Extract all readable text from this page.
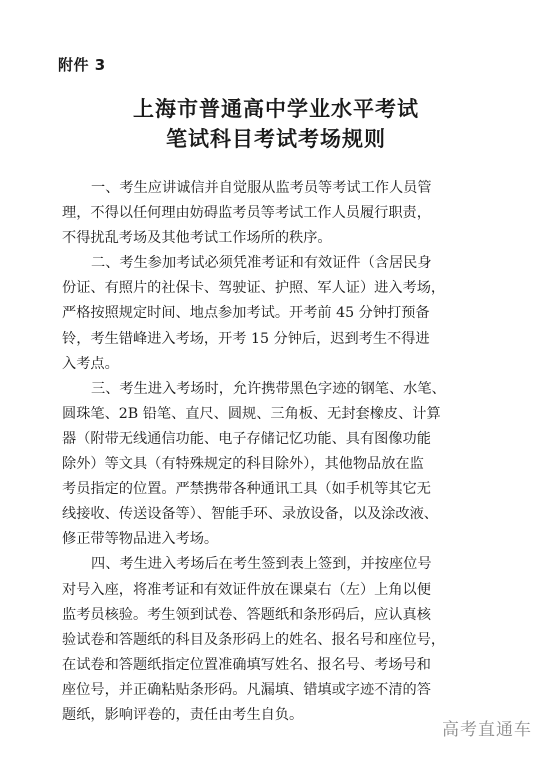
附件 3
上海市普通高中学业水平考试
笔试科目考试考场规则

一、考生应讲诚信并自觉服从监考员等考试工作人员管
理，不得以任何理由妨碍监考员等考试工作人员履行职责，
不得扰乱考场及其他考试工作场所的秩序。

二、考生参加考试必须凭准考证和有效证件（含居民身
份证、有照片的社保卡、驾驶证、护照、军人证）进入考场，
严格按照规定时间、地点参加考试。开考前 45 分钟打预备
铃，考生错峰进入考场，开考 15 分钟后，迟到考生不得进
入考点。

三、考生进入考场时，允许携带黑色字迹的钢笔、水笔、
圆珠笔、2B 铅笔、直尺、圆规、三角板、无封套橡皮、计算
器（附带无线通信功能、电子存储记忆功能、具有图像功能
除外）等文具（有特殊规定的科目除外），其他物品放在监
考员指定的位置。严禁携带各种通讯工具（如手机等其它无
线接收、传送设备等）、智能手环、录放设备，以及涂改液、
修正带等物品进入考场。

四、考生进入考场后在考生签到表上签到，并按座位号
对号入座，将准考证和有效证件放在课桌右（左）上角以便
监考员核验。考生领到试卷、答题纸和条形码后，应认真核
验试卷和答题纸的科目及条形码上的姓名、报名号和座位号，
在试卷和答题纸指定位置准确填写姓名、报名号、考场号和
座位号，并正确粘贴条形码。凡漏填、错填或字迹不清的答
题纸，影响评卷的，责任由考生自负。

高考直通车
